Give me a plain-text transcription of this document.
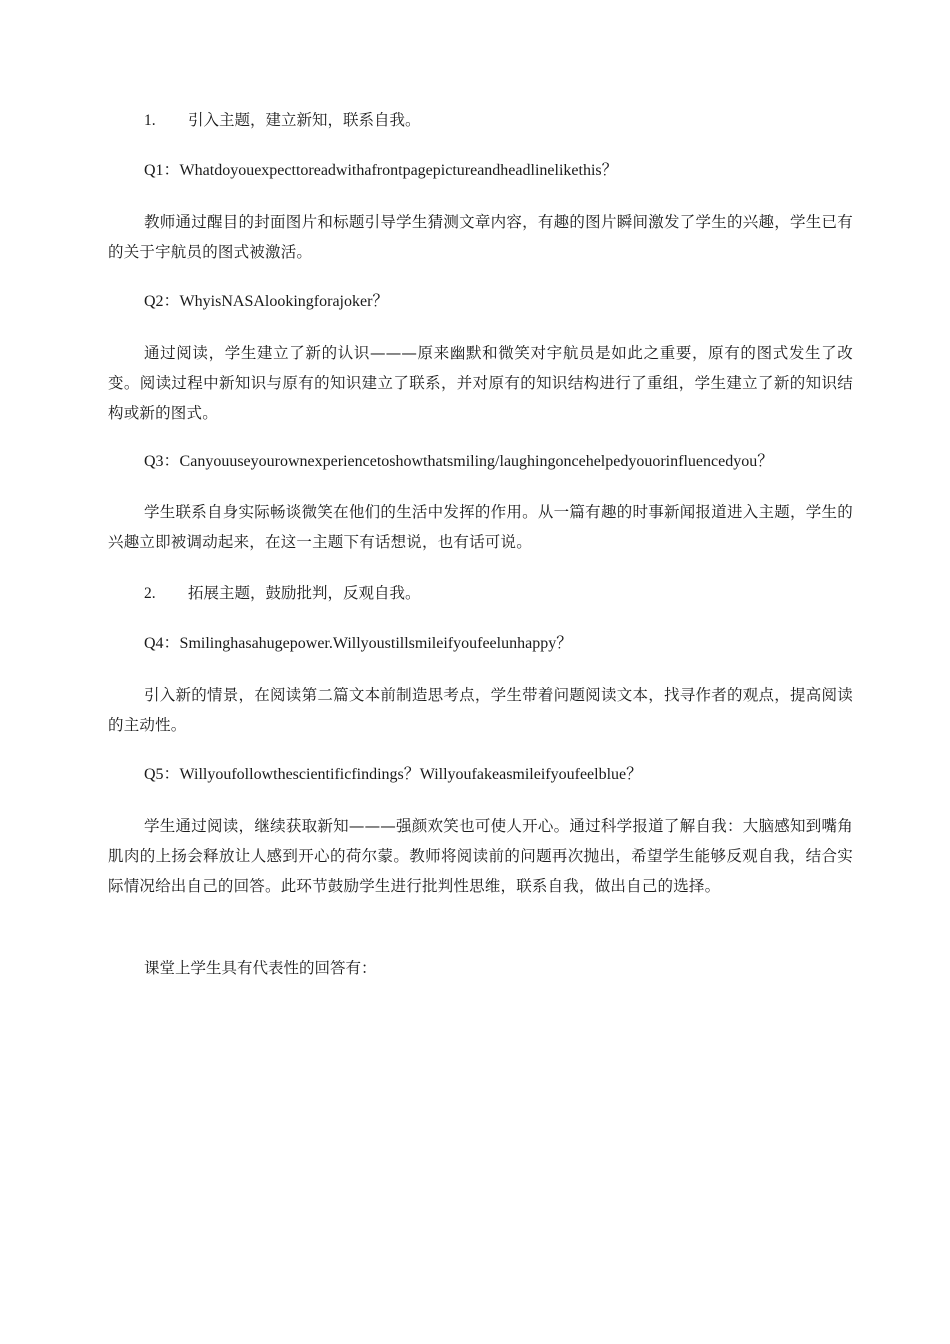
1. 引入主题，建立新知，联系自我。
Q1：Whatdoyouexpecttoreadwithafrontpagepictureandheadlinelikethis？
教师通过醒目的封面图片和标题引导学生猜测文章内容，有趣的图片瞬间激发了学生的兴趣，学生已有的关于宇航员的图式被激活。
Q2：WhyisNASAlookingforajoker？
通过阅读，学生建立了新的认识———原来幽默和微笑对宇航员是如此之重要，原有的图式发生了改变。阅读过程中新知识与原有的知识建立了联系，并对原有的知识结构进行了重组，学生建立了新的知识结构或新的图式。
Q3：Canyouuseyourownexperiencetoshowthatsmiling/laughingoncehelpedyouorinfluencedyou？
学生联系自身实际畅谈微笑在他们的生活中发挥的作用。从一篇有趣的时事新闻报道进入主题，学生的兴趣立即被调动起来，在这一主题下有话想说，也有话可说。
2. 拓展主题，鼓励批判，反观自我。
Q4：Smilinghasahugepower.Willyoustillsmileifyoufeelunhappy？
引入新的情景，在阅读第二篇文本前制造思考点，学生带着问题阅读文本，找寻作者的观点，提高阅读的主动性。
Q5：Willyoufollowthescientificfindings？Willyoufakeasmileifyoufeelblue？
学生通过阅读，继续获取新知———强颜欢笑也可使人开心。通过科学报道了解自我：大脑感知到嘴角肌肉的上扬会释放让人感到开心的荷尔蒙。教师将阅读前的问题再次抛出，希望学生能够反观自我，结合实际情况给出自己的回答。此环节鼓励学生进行批判性思维，联系自我，做出自己的选择。
课堂上学生具有代表性的回答有：
